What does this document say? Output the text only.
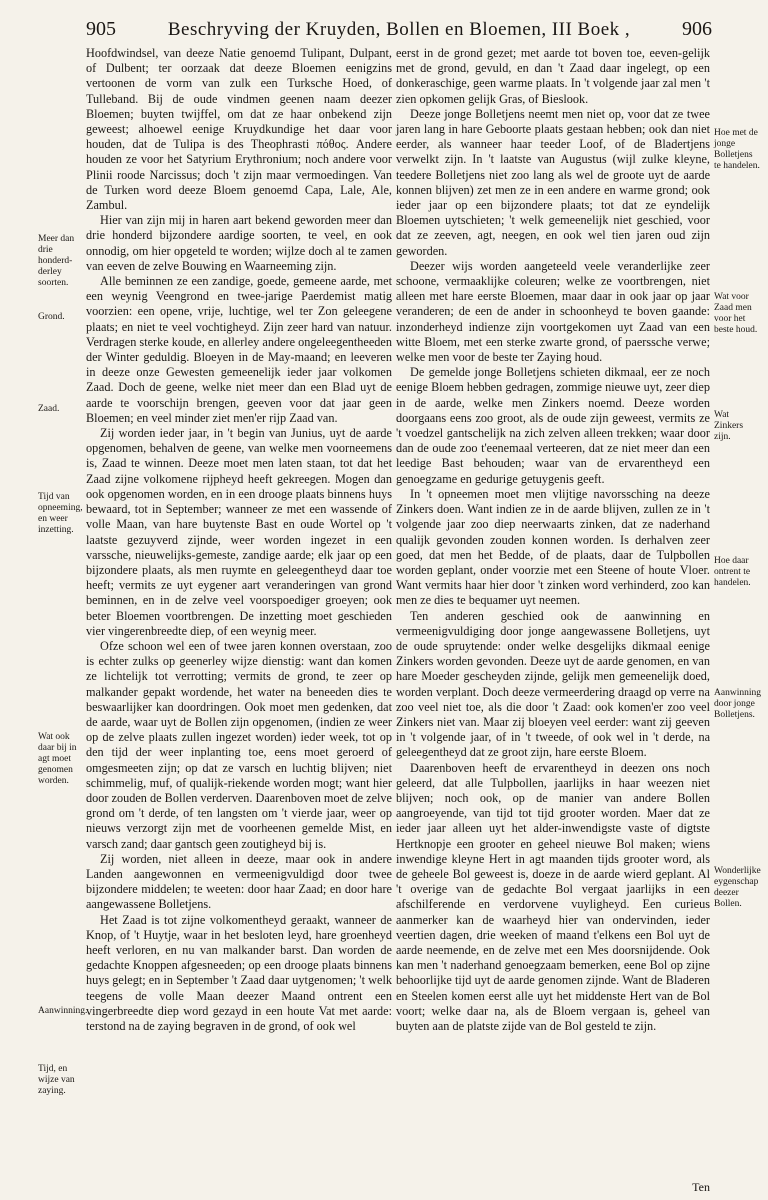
905	Beschryving der Kruyden, Bollen en Bloemen, III Boek ,	906

Hoofdwindsel, van deeze Natie genoemd Tulipant, Dulpant, of Dulbent; ter oorzaak dat deeze Bloemen eenigzins vertoonen de vorm van zulk een Turksche Hoed, of Tulleband. Bij de oude vindmen geenen naam deezer Bloemen; buyten twijffel, om dat ze haar onbekend zijn geweest; alhoewel eenige Kruydkundige het daar voor houden, dat de Tulipa is des Theophrasti πόθος. Andere houden ze voor het Satyrium Erythronium; noch andere voor Plinii roode Narcissus; doch 't zijn maar vermoedingen. Van de Turken word deeze Bloem genoemd Capa, Lale, Ale, Zambul.

Hier van zijn mij in haren aart bekend geworden meer dan drie honderd bijzondere aardige soorten, te veel, en ook onnodig, om hier opgeteld te worden; wijlze doch al te zamen van eeven de zelve Bouwing en Waarneeming zijn.

Alle beminnen ze een zandige, goede, gemeene aarde, met een weynig Veengrond en twee-jarige Paerdemist matig voorzien: een opene, vrije, luchtige, wel ter Zon geleegene plaats; en niet te veel vochtigheyd. Zijn zeer hard van natuur. Verdragen sterke koude, en allerley andere ongeleegentheeden der Winter geduldig. Bloeyen in de May-maand; en leeveren in deeze onze Gewesten gemeenelijk ieder jaar volkomen Zaad. Doch de geene, welke niet meer dan een Blad uyt de aarde te voorschijn brengen, geeven voor dat jaar geen Bloemen; en veel minder ziet men'er rijp Zaad van.

Zij worden ieder jaar, in 't begin van Junius, uyt de aarde opgenomen, behalven de geene, van welke men voorneemens is, Zaad te winnen. Deeze moet men laten staan, tot dat het Zaad zijne volkomene rijpheyd heeft gekreegen. Mogen dan ook opgenomen worden, en in een drooge plaats binnens huys bewaard, tot in September; wanneer ze met een wassende of volle Maan, van hare buytenste Bast en oude Wortel op 't laatste gezuyverd zijnde, weer worden ingezet in een varssche, nieuwelijks-gemeste, zandige aarde; elk jaar op een bijzondere plaats, als men ruymte en geleegentheyd daar toe heeft; vermits ze uyt eygener aart veranderingen van grond beminnen, en in de zelve veel voorspoediger groeyen; ook beter Bloemen voortbrengen. De inzetting moet geschieden vier vingerenbreedte diep, of een weynig meer.

Ofze schoon wel een of twee jaren konnen overstaan, zoo is echter zulks op geenerley wijze dienstig: want dan komen ze lichtelijk tot verrotting; vermits de grond, te zeer op malkander gepakt wordende, het water na beneeden dies te beswaarlijker kan doordringen. Ook moet men gedenken, dat de aarde, waar uyt de Bollen zijn opgenomen, (indien ze weer op de zelve plaats zullen ingezet worden) ieder week, tot op den tijd der weer inplanting toe, eens moet geroerd of omgesmeeten zijn; op dat ze varsch en luchtig blijven; niet schimmelig, muf, of qualijk-riekende worden mogt; want hier door zouden de Bollen verderven. Daarenboven moet de zelve grond om 't derde, of ten langsten om 't vierde jaar, weer op nieuws verzorgt zijn met de voorheenen gemelde Mist, en varsch zand; daar gantsch geen zoutigheyd bij is.

Zij worden, niet alleen in deeze, maar ook in andere Landen aangewonnen en vermeenigvuldigd door twee bijzondere middelen; te weeten: door haar Zaad; en door hare aangewassene Bolletjens.

Het Zaad is tot zijne volkomentheyd geraakt, wanneer de Knop, of 't Huytje, waar in het besloten leyd, hare groenheyd heeft verloren, en nu van malkander barst. Dan worden de gedachte Knoppen afgesneeden; op een drooge plaats binnens huys gelegt; en in September 't Zaad daar uytgenomen; 't welk teegens de volle Maan deezer Maand ontrent een vingerbreedte diep word gezayd in een houte Vat met aarde: terstond na de zaying begraven in de grond, of ook wel

eerst in de grond gezet; met aarde tot boven toe, eeven-gelijk met de grond, gevuld, en dan 't Zaad daar ingelegt, op een donkeraschige, geen warme plaats. In 't volgende jaar zal men 't zien opkomen gelijk Gras, of Bieslook.

Deeze jonge Bolletjens neemt men niet op, voor dat ze twee jaren lang in hare Geboorte plaats gestaan hebben; ook dan niet eerder, als wanneer haar teeder Loof, of de Bladertjens verwelkt zijn. In 't laatste van Augustus (wijl zulke kleyne, teedere Bolletjens niet zoo lang als wel de groote uyt de aarde konnen blijven) zet men ze in een andere en warme grond; ook ieder jaar op een bijzondere plaats; tot dat ze eyndelijk Bloemen uytschieten; 't welk gemeenelijk niet geschied, voor dat ze zeeven, agt, neegen, en ook wel tien jaren oud zijn geworden.

Deezer wijs worden aangeteeld veele veranderlijke zeer schoone, vermaaklijke coleuren; welke ze voortbrengen, niet alleen met hare eerste Bloemen, maar daar in ook jaar op jaar veranderen; de een de ander in schoonheyd te boven gaande: inzonderheyd indienze zijn voortgekomen uyt Zaad van een witte Bloem, met een sterke zwarte grond, of paerssche verwe; welke men voor de beste ter Zaying houd.

De gemelde jonge Bolletjens schieten dikmaal, eer ze noch eenige Bloem hebben gedragen, zommige nieuwe uyt, zeer diep in de aarde, welke men Zinkers noemd. Deeze worden doorgaans eens zoo groot, als de oude zijn geweest, vermits ze 't voedzel gantschelijk na zich zelven alleen trekken; waar door dan de oude zoo t'eenemaal verteeren, dat ze niet meer dan een leedige Bast behouden; waar van de ervarentheyd een genoegzame en gedurige getuygenis geeft.

In 't opneemen moet men vlijtige navorssching na deeze Zinkers doen. Want indien ze in de aarde blijven, zullen ze in 't volgende jaar zoo diep neerwaarts zinken, dat ze naderhand qualijk gevonden zouden konnen worden. Is derhalven zeer goed, dat men het Bedde, of de plaats, daar de Tulpbollen worden geplant, onder voorzie met een Steene of houte Vloer. Want vermits haar hier door 't zinken word verhinderd, zoo kan men ze dies te bequamer uyt neemen.

Ten anderen geschied ook de aanwinning en vermeenigvuldiging door jonge aangewassene Bolletjens, uyt de oude spruytende: onder welke desgelijks dikmaal eenige Zinkers worden gevonden. Deeze uyt de aarde genomen, en van hare Moeder gescheyden zijnde, gelijk men gemeenelijk doed, worden verplant. Doch deeze vermeerdering draagd op verre na zoo veel niet toe, als die door 't Zaad: ook komen'er zoo veel Zinkers niet van. Maar zij bloeyen veel eerder: want zij geeven in 't volgende jaar, of in 't tweede, of ook wel in 't derde, na geleegentheyd dat ze groot zijn, hare eerste Bloem.

Daarenboven heeft de ervarentheyd in deezen ons noch geleerd, dat alle Tulpbollen, jaarlijks in haar weezen niet blijven; noch ook, op de manier van andere Bollen aangroeyende, van tijd tot tijd grooter worden. Maer dat ze ieder jaar alleen uyt het alder-inwendigste vaste of digtste Hertknopje een grooter en geheel nieuwe Bol maken; wiens inwendige kleyne Hert in agt maanden tijds grooter word, als de geheele Bol geweest is, doeze in de aarde wierd geplant. Al 't overige van de gedachte Bol vergaat jaarlijks in een afschilferende en verdorvene vuyligheyd. Een curieus aanmerker kan de waarheyd hier van ondervinden, ieder veertien dagen, drie weeken of maand t'elkens een Bol uyt de aarde neemende, en de zelve met een Mes doorsnijdende. Ook kan men 't naderhand genoegzaam bemerken, eene Bol op zijne behoorlijke tijd uyt de aarde genomen zijnde. Want de Bladeren en Steelen komen eerst alle uyt het middenste Hert van de Bol voort; welke daar na, als de Bloem vergaan is, geheel van buyten aan de platste zijde van de Bol gesteld te zijn.

Meer dan drie honderd-derley soorten.
Grond.
Zaad.
Tijd van opneeming, en weer inzetting.
Wat ook daar bij in agt moet genomen worden.
Aanwinning.
Tijd, en wijze van zaying.
Hoe met de jonge Bolletjens te handelen.
Wat voor Zaad men voor het beste houd.
Wat Zinkers zijn.
Hoe daar ontrent te handelen.
Aanwinning door jonge Bolletjens.
Wonderlijke eygenschap deezer Bollen.
Ten
